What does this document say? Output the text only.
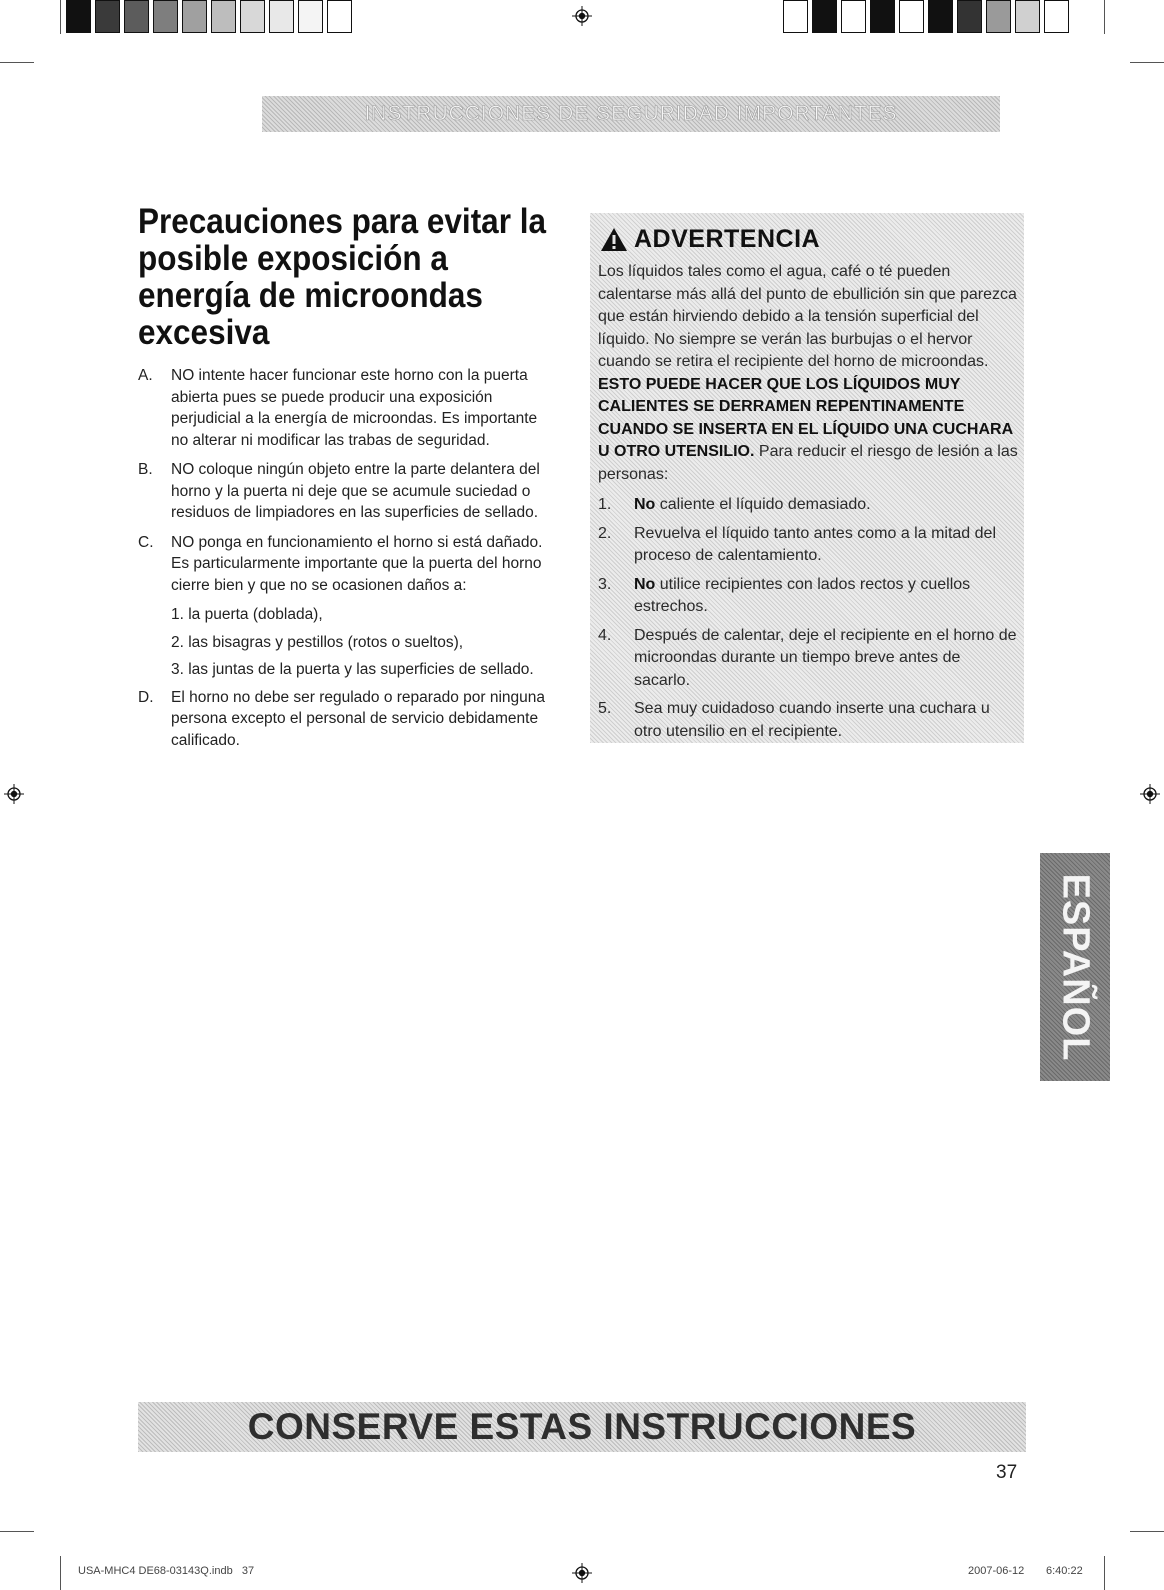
INSTRUCCIONES DE SEGURIDAD IMPORTANTES
Precauciones para evitar la posible exposición a energía de microondas excesiva
A.	NO intente hacer funcionar este horno con la puerta abierta pues se puede producir una exposición perjudicial a la energía de microondas. Es importante no alterar ni modificar las trabas de seguridad.
B.	NO coloque ningún objeto entre la parte delantera del horno y la puerta ni deje que se acumule suciedad o residuos de limpiadores en las superficies de sellado.
C.	NO ponga en funcionamiento el horno si está dañado. Es particularmente importante que la puerta del horno cierre bien y que no se ocasionen daños a:
1. la puerta (doblada),
2. las bisagras y pestillos (rotos o sueltos),
3. las juntas de la puerta y las superficies de sellado.
D.	El horno no debe ser regulado o reparado por ninguna persona excepto el personal de servicio debidamente calificado.
ADVERTENCIA
Los líquidos tales como el agua, café o té pueden calentarse más allá del punto de ebullición sin que parezca que están hirviendo debido a la tensión superficial del líquido. No siempre se verán las burbujas o el hervor cuando se retira el recipiente del horno de microondas. ESTO PUEDE HACER QUE LOS LÍQUIDOS MUY CALIENTES SE DERRAMEN REPENTINAMENTE CUANDO SE INSERTA EN EL LÍQUIDO UNA CUCHARA U OTRO UTENSILIO. Para reducir el riesgo de lesión a las personas:
1.	No caliente el líquido demasiado.
2.	Revuelva el líquido tanto antes como a la mitad del proceso de calentamiento.
3.	No utilice recipientes con lados rectos y cuellos estrechos.
4.	Después de calentar, deje el recipiente en el horno de microondas durante un tiempo breve antes de sacarlo.
5.	Sea muy cuidadoso cuando inserte una cuchara u otro utensilio en el recipiente.
ESPAÑOL
CONSERVE ESTAS INSTRUCCIONES
37
USA-MHC4 DE68-03143Q.indb   37	2007-06-12 6:40:22
